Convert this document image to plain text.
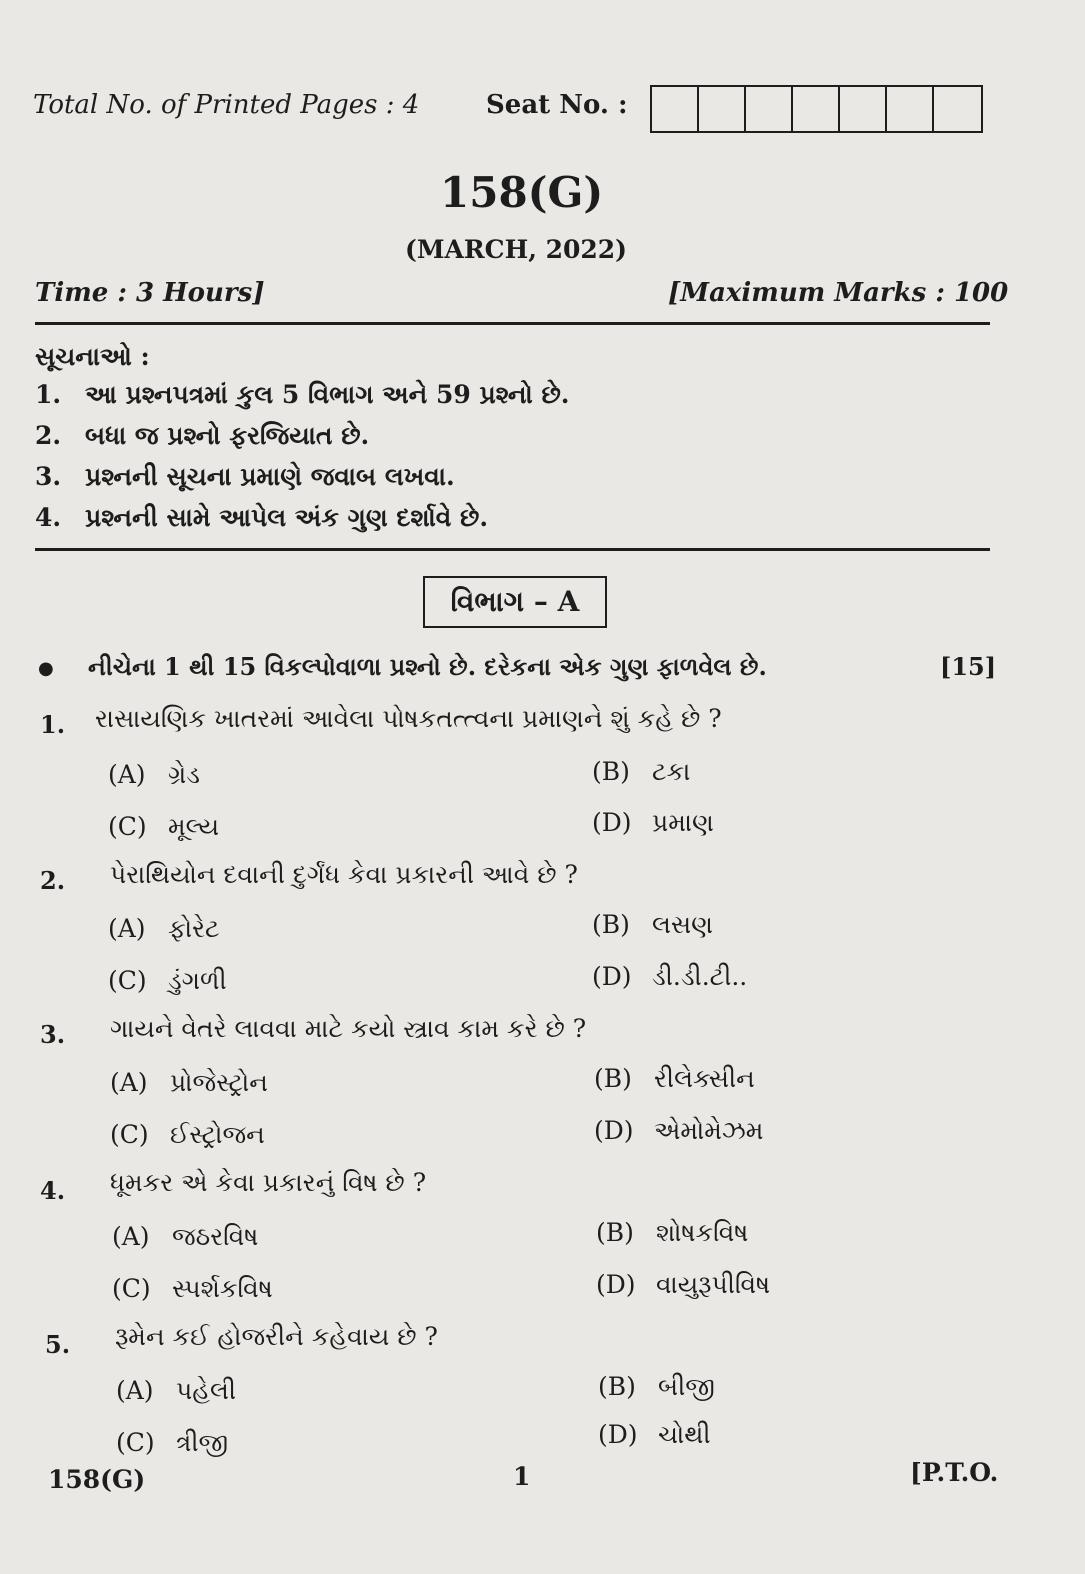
Total No. of Printed Pages : 4	Seat No. :
158(G)
(MARCH, 2022)
Time : 3 Hours]	[Maximum Marks : 100
સૂચનાઓ :
1. આ પ્રશ્નપત્રમાં કુલ 5 વિભાગ અને 59 પ્રશ્નો છે.
2. બધા જ પ્રશ્નો ફરજિયાત છે.
3. પ્રશ્નની સૂચના પ્રમાણે જવાબ લખવા.
4. પ્રશ્નની સામે આપેલ અંક ગુણ દર્શાવે છે.
વિભાગ – A
● નીચેના 1 થી 15 વિકલ્પોવાળા પ્રશ્નો છે. દરેકના એક ગુણ ફાળવેલ છે.	[15]
1. રાસાયણિક ખાતરમાં આવેલા પોષકતત્ત્વના પ્રમાણને શું કહે છે ?
(A) ગ્રેડ	(B) ટકા
(C) મૂલ્ય	(D) પ્રમાણ
2. પેરાથિયોન દવાની દુર્ગંધ કેવા પ્રકારની આવે છે ?
(A) ફોરેટ	(B) લસણ
(C) ડુંગળી	(D) ડી.ડી.ટી..
3. ગાયને વેતરે લાવવા માટે કયો સ્ત્રાવ કામ કરે છે ?
(A) પ્રોજેસ્ટ્રોન	(B) રીલેક્સીન
(C) ઈસ્ટ્રોજન	(D) એમોમેઝમ
4. ધૂમકર એ કેવા પ્રકારનું વિષ છે ?
(A) જઠરવિષ	(B) શોષકવિષ
(C) સ્પર્શકવિષ	(D) વાયુરૂપીવિષ
5. રૂમેન કઈ હોજરીને કહેવાય છે ?
(A) પહેલી	(B) બીજી
(C) ત્રીજી	(D) ચોથી
158(G)	1	[P.T.O.
